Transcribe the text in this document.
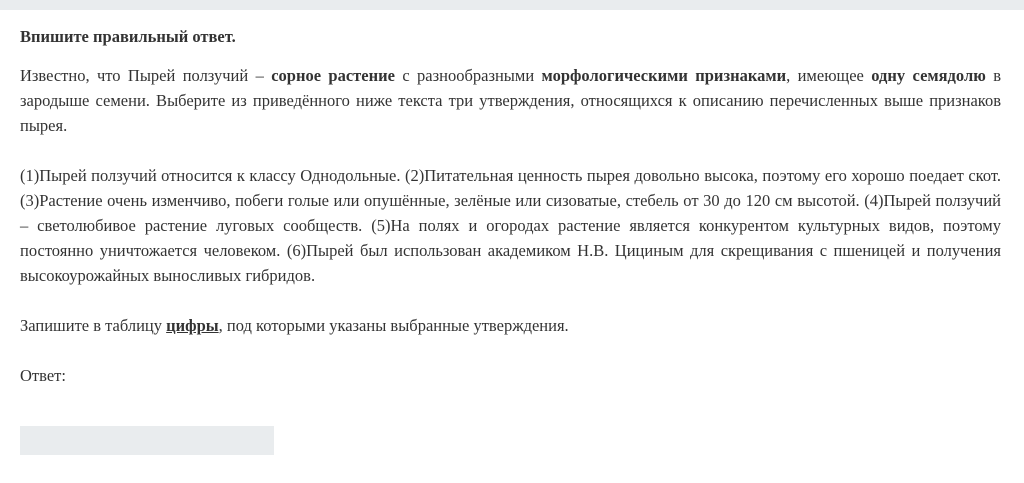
Впишите правильный ответ.

Известно, что Пырей ползучий – сорное растение с разнообразными морфологическими признаками, имеющее одну семядолю в зародыше семени. Выберите из приведённого ниже текста три утверждения, относящихся к описанию перечисленных выше признаков пырея.

(1)Пырей ползучий относится к классу Однодольные. (2)Питательная ценность пырея довольно высока, поэтому его хорошо поедает скот. (3)Растение очень изменчиво, побеги голые или опушённые, зелёные или сизоватые, стебель от 30 до 120 см высотой. (4)Пырей ползучий – светолюбивое растение луговых сообществ. (5)На полях и огородах растение является конкурентом культурных видов, поэтому постоянно уничтожается человеком. (6)Пырей был использован академиком Н.В. Цициным для скрещивания с пшеницей и получения высокоурожайных выносливых гибридов.

Запишите в таблицу цифры, под которыми указаны выбранные утверждения.

Ответ:
